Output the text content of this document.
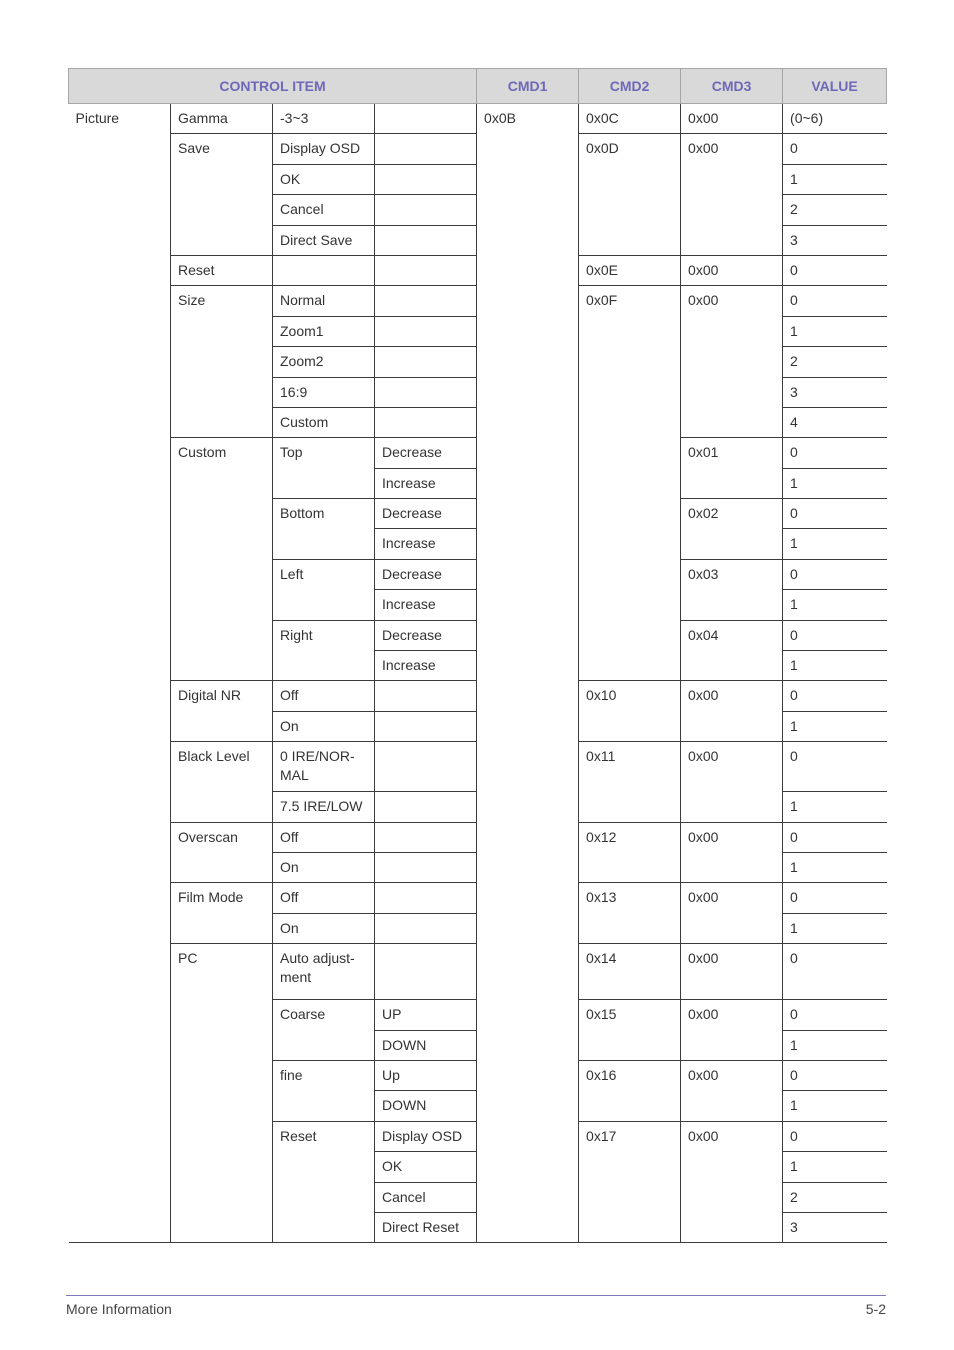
CONTROL ITEM				CMD1	CMD2	CMD3	VALUE
Picture	Gamma	-3~3		0x0B	0x0C	0x00	(0~6)
	Save	Display OSD			0x0D	0x00	0
		OK					1
		Cancel					2
		Direct Save					3
	Reset				0x0E	0x00	0
	Size	Normal			0x0F	0x00	0
		Zoom1					1
		Zoom2					2
		16:9					3
		Custom					4
	Custom	Top	Decrease			0x01	0
			Increase				1
		Bottom	Decrease			0x02	0
			Increase				1
		Left	Decrease			0x03	0
			Increase				1
		Right	Decrease			0x04	0
			Increase				1
	Digital NR	Off			0x10	0x00	0
		On					1
	Black Level	0 IRE/NOR-MAL			0x11	0x00	0
		7.5 IRE/LOW					1
	Overscan	Off			0x12	0x00	0
		On					1
	Film Mode	Off			0x13	0x00	0
		On					1
	PC	Auto adjust-ment			0x14	0x00	0
		Coarse	UP		0x15	0x00	0
			DOWN				1
		fine	Up		0x16	0x00	0
			DOWN				1
		Reset	Display OSD		0x17	0x00	0
			OK				1
			Cancel				2
			Direct Reset				3
More Information	5-2
